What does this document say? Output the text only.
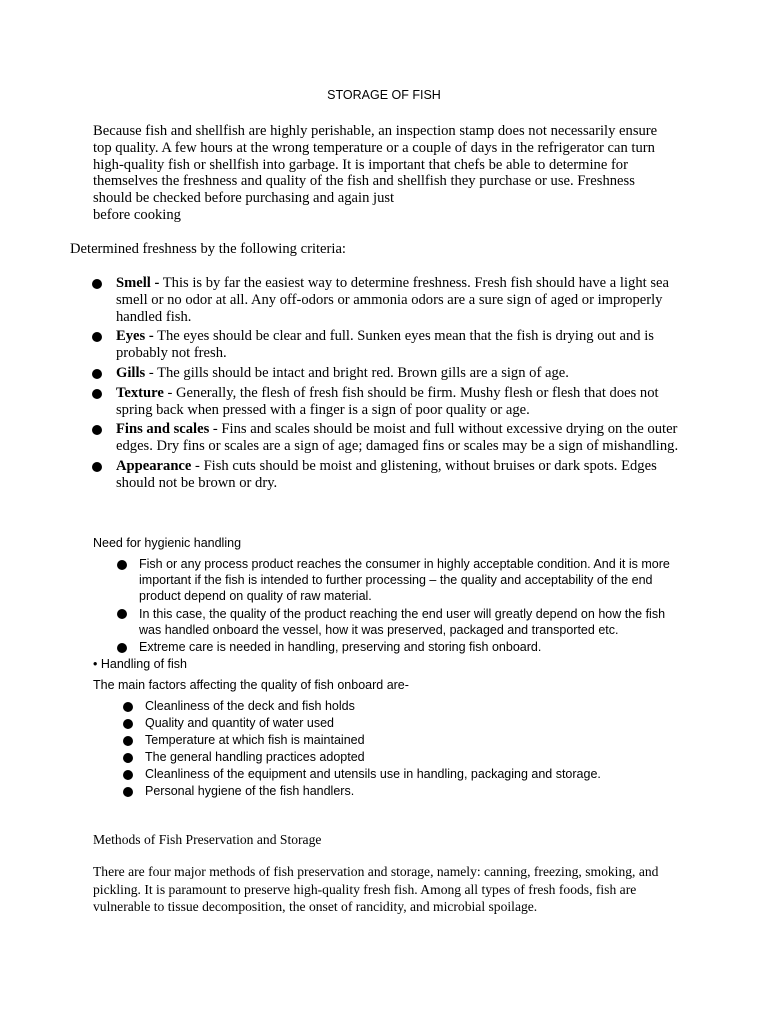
STORAGE OF FISH
Because fish and shellfish are highly perishable, an inspection stamp does not necessarily ensure top quality. A few hours at the wrong temperature or a couple of days in the refrigerator can turn high-quality fish or shellfish into garbage. It is important that chefs be able to determine for themselves the freshness and quality of the fish and shellfish they purchase or use. Freshness should be checked before purchasing and again just
before cooking
Determined freshness by the following criteria:
Smell - This is by far the easiest way to determine freshness. Fresh fish should have a light sea smell or no odor at all. Any off-odors or ammonia odors are a sure sign of aged or improperly handled fish.
Eyes - The eyes should be clear and full. Sunken eyes mean that the fish is drying out and is probably not fresh.
Gills - The gills should be intact and bright red. Brown gills are a sign of age.
Texture - Generally, the flesh of fresh fish should be firm. Mushy flesh or flesh that does not spring back when pressed with a finger is a sign of poor quality or age.
Fins and scales - Fins and scales should be moist and full without excessive drying on the outer edges. Dry fins or scales are a sign of age; damaged fins or scales may be a sign of mishandling.
Appearance - Fish cuts should be moist and glistening, without bruises or dark spots. Edges should not be brown or dry.
Need for hygienic handling
Fish or any process product reaches the consumer in highly acceptable condition. And it is more important if the fish is intended to further processing – the quality and acceptability of the end product depend on quality of raw material.
In this case, the quality of the product reaching the end user will greatly depend on how the fish was handled onboard the vessel, how it was preserved, packaged and transported etc.
Extreme care is needed in handling, preserving and storing fish onboard.
• Handling of fish
The main factors affecting the quality of fish onboard are-
Cleanliness of the deck and fish holds
Quality and quantity of water used
Temperature at which fish is maintained
The general handling practices adopted
Cleanliness of the equipment and utensils use in handling, packaging and storage.
Personal hygiene of the fish handlers.
Methods of Fish Preservation and Storage
There are four major methods of fish preservation and storage, namely: canning, freezing, smoking, and pickling. It is paramount to preserve high-quality fresh fish. Among all types of fresh foods, fish are vulnerable to tissue decomposition, the onset of rancidity, and microbial spoilage.
